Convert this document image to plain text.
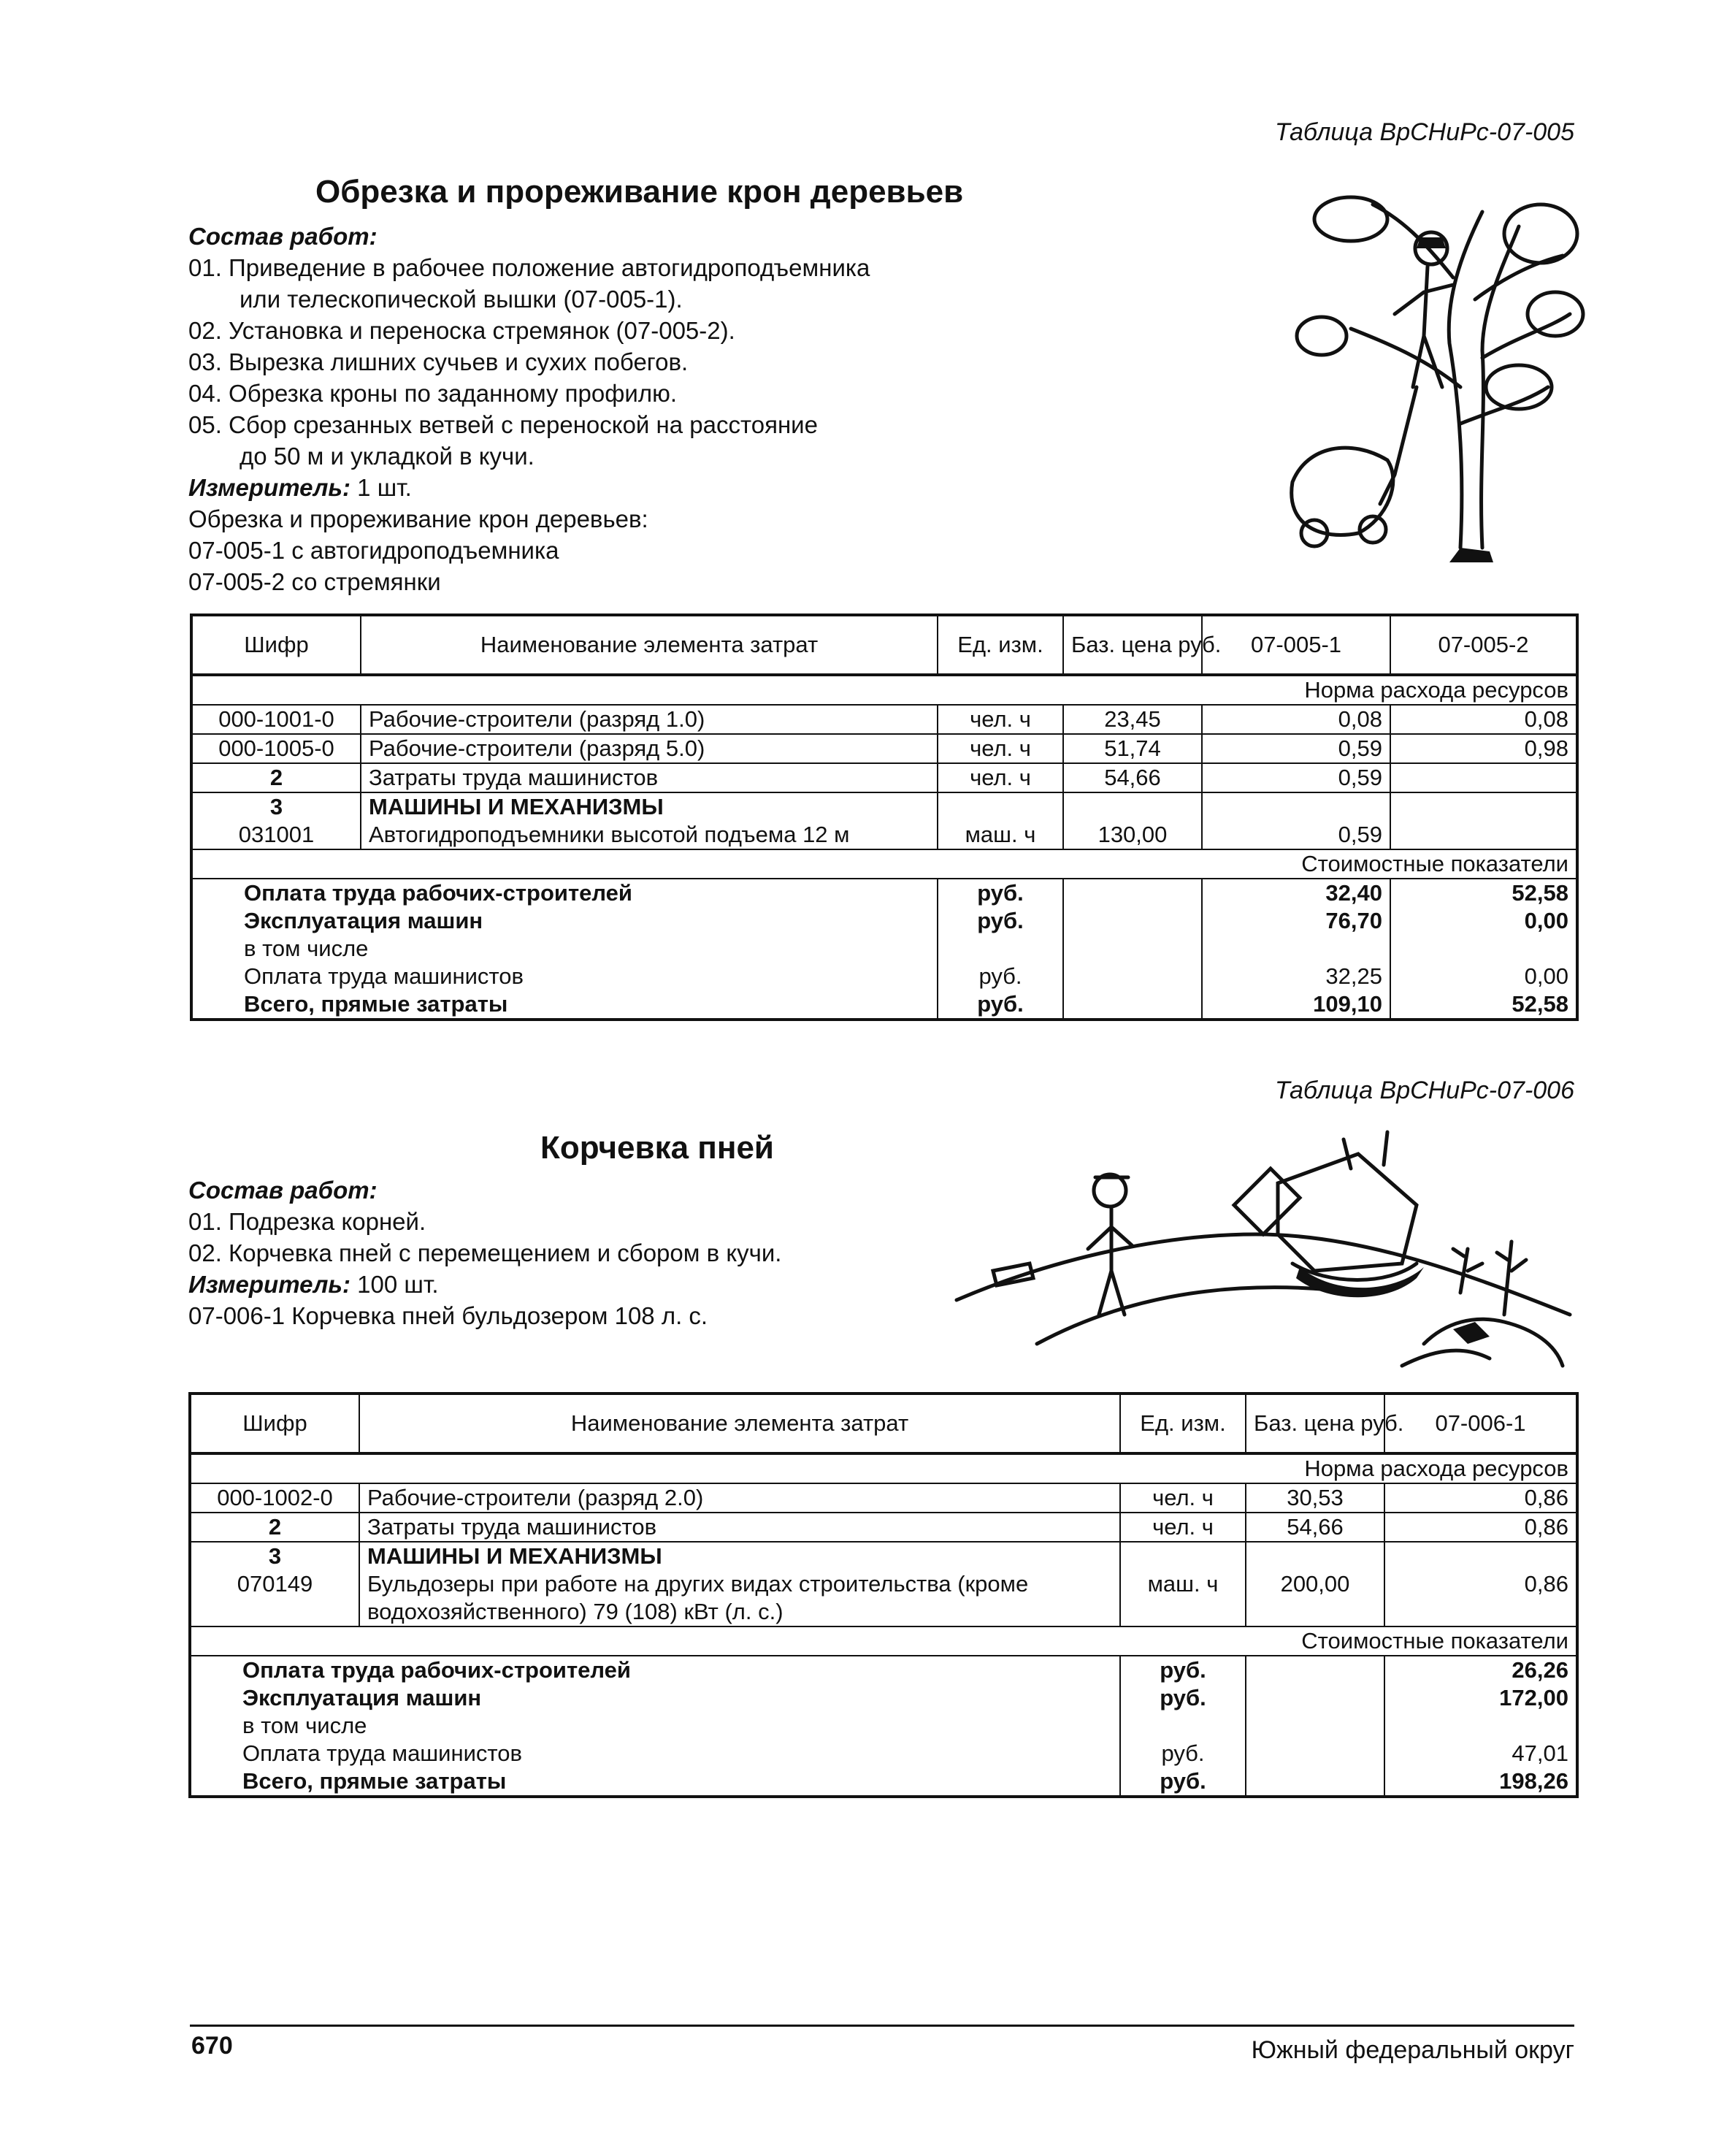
Таблица ВрСНиРс-07-005
Обрезка и прореживание крон деревьев
Состав работ:
01. Приведение в рабочее положение автогидроподъемника
или телескопической вышки (07-005-1).
02. Установка и переноска стремянок (07-005-2).
03. Вырезка лишних сучьев и сухих побегов.
04. Обрезка кроны по заданному профилю.
05. Сбор срезанных ветвей с переноской на расстояние
до 50 м и укладкой в кучи.
Измеритель: 1 шт.
Обрезка и прореживание крон деревьев:
07-005-1 с автогидроподъемника
07-005-2 со стремянки
Шифр	Наименование элемента затрат	Ед. изм.	Баз. цена руб.	07-005-1	07-005-2
Норма расхода ресурсов					
000-1001-0	Рабочие-строители (разряд 1.0)	чел. ч	23,45	0,08	0,08
000-1005-0	Рабочие-строители (разряд 5.0)	чел. ч	51,74	0,59	0,98
2	Затраты труда машинистов	чел. ч	54,66	0,59	
3	МАШИНЫ И МЕХАНИЗМЫ				
031001	Автогидроподъемники высотой подъема 12 м	маш. ч	130,00	0,59	
Стоимостные показатели					
Оплата труда рабочих-строителей		руб.		32,40	52,58
Эксплуатация машин		руб.		76,70	0,00
в том числе					
Оплата труда машинистов		руб.		32,25	0,00
Всего, прямые затраты		руб.		109,10	52,58
Таблица ВрСНиРс-07-006
Корчевка пней
Состав работ:
01. Подрезка корней.
02. Корчевка пней с перемещением и сбором в кучи.
Измеритель: 100 шт.
07-006-1 Корчевка пней бульдозером 108 л. с.
Шифр	Наименование элемента затрат	Ед. изм.	Баз. цена руб.	07-006-1
Норма расхода ресурсов				
000-1002-0	Рабочие-строители (разряд 2.0)	чел. ч	30,53	0,86
2	Затраты труда машинистов	чел. ч	54,66	0,86
3	МАШИНЫ И МЕХАНИЗМЫ			
070149	Бульдозеры при работе на других видах строительства (кроме	маш. ч	200,00	0,86
	водохозяйственного) 79 (108) кВт (л. с.)			
Стоимостные показатели				
Оплата труда рабочих-строителей		руб.		26,26
Эксплуатация машин		руб.		172,00
в том числе				
Оплата труда машинистов		руб.		47,01
Всего, прямые затраты		руб.		198,26
670	Южный федеральный округ
